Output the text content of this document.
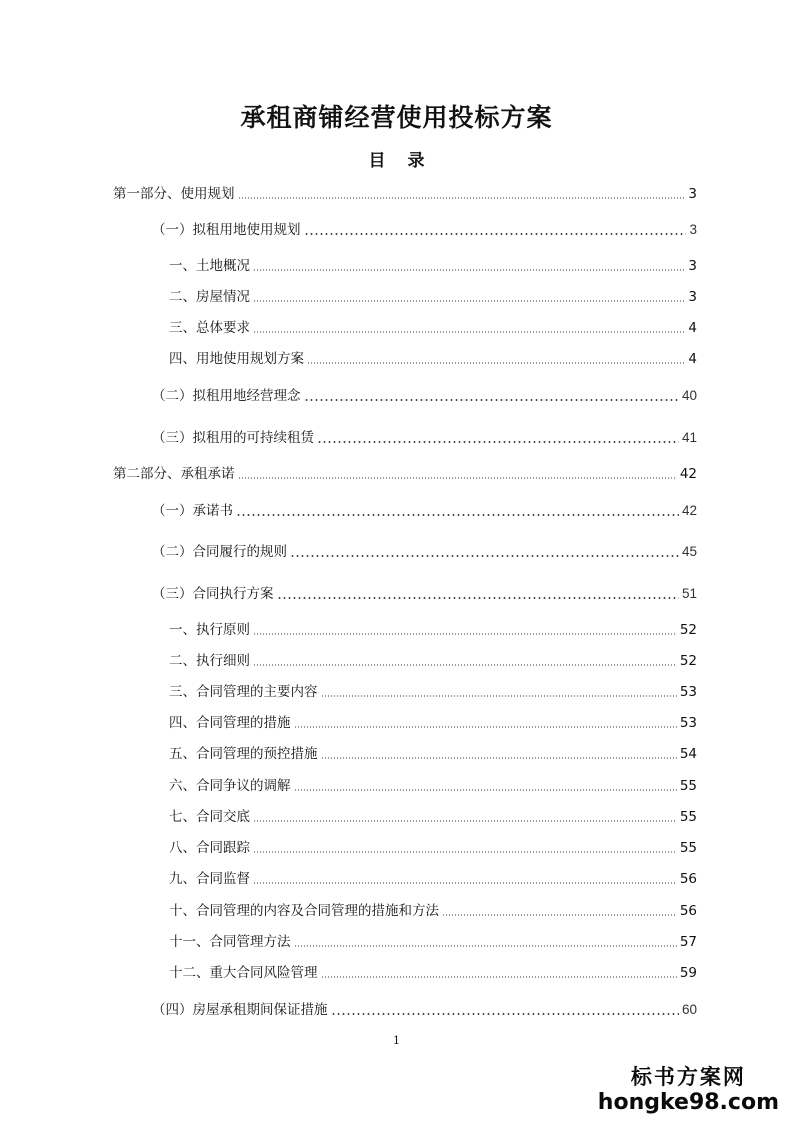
承租商铺经营使用投标方案
目录
第一部分、使用规划	3
（一）拟租用地使用规划	3
一、土地概况	3
二、房屋情况	3
三、总体要求	4
四、用地使用规划方案	4
（二）拟租用地经营理念	40
（三）拟租用的可持续租赁	41
第二部分、承租承诺	42
（一）承诺书	42
（二）合同履行的规则	45
（三）合同执行方案	51
一、执行原则	52
二、执行细则	52
三、合同管理的主要内容	53
四、合同管理的措施	53
五、合同管理的预控措施	54
六、合同争议的调解	55
七、合同交底	55
八、合同跟踪	55
九、合同监督	56
十、合同管理的内容及合同管理的措施和方法	56
十一、合同管理方法	57
十二、重大合同风险管理	59
（四）房屋承租期间保证措施	60
1
标书方案网
hongke98.com
